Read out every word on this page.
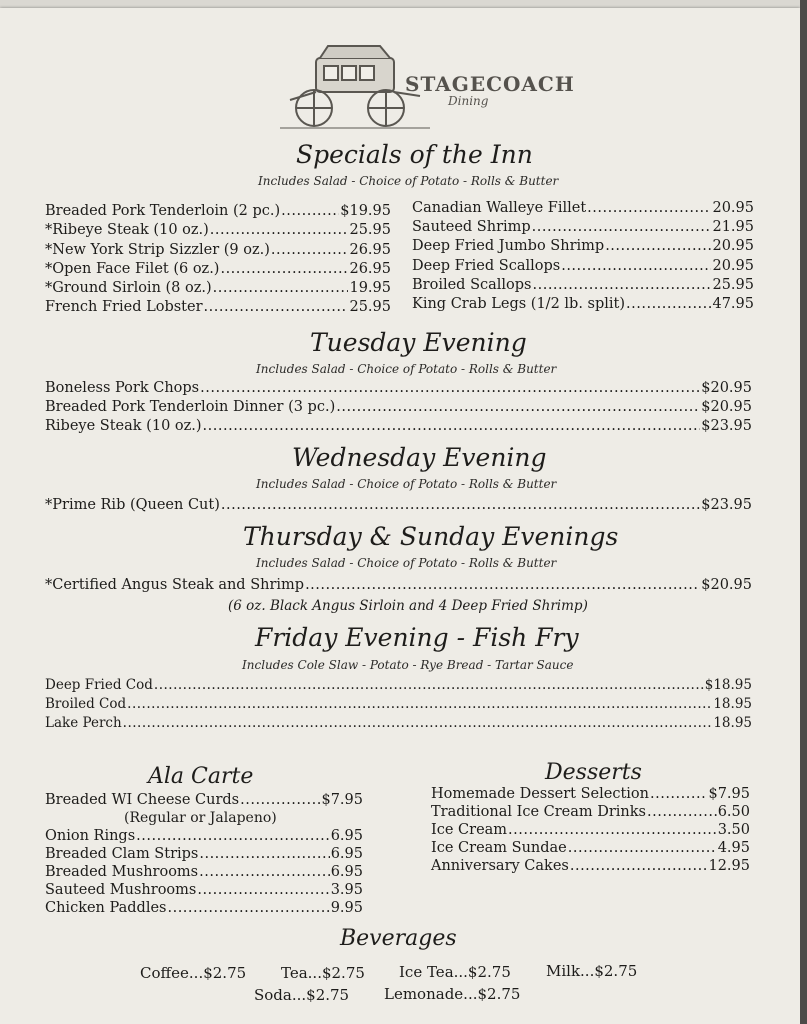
STAGECOACH
Dining
Specials of the Inn
Includes Salad - Choice of Potato - Rolls & Butter
Breaded Pork Tenderloin (2 pc.) .....	$19.95
*Ribeye Steak (10 oz.) .....	25.95
*New York Strip Sizzler (9 oz.) .....	26.95
*Open Face Filet (6 oz.) .....	26.95
*Ground Sirloin (8 oz.) .....	19.95
French Fried Lobster .....	25.95
Canadian Walleye Fillet .....	20.95
Sauteed Shrimp .....	21.95
Deep Fried Jumbo Shrimp .....	20.95
Deep Fried Scallops .....	20.95
Broiled Scallops .....	25.95
King Crab Legs (1/2 lb. split) .....	47.95
Tuesday Evening
Includes Salad - Choice of Potato - Rolls & Butter
Boneless Pork Chops .....	$20.95
Breaded Pork Tenderloin Dinner (3 pc.) .....	$20.95
Ribeye Steak (10 oz.) .....	$23.95
Wednesday Evening
Includes Salad - Choice of Potato - Rolls & Butter
*Prime Rib (Queen Cut) .....	$23.95
Thursday & Sunday Evenings
Includes Salad - Choice of Potato - Rolls & Butter
*Certified Angus Steak and Shrimp .....	$20.95
(6 oz. Black Angus Sirloin and 4 Deep Fried Shrimp)
Friday Evening - Fish Fry
Includes Cole Slaw - Potato - Rye Bread - Tartar Sauce
Deep Fried Cod .....	$18.95
Broiled Cod .....	18.95
Lake Perch .....	18.95
Ala Carte
Breaded WI Cheese Curds .....	$7.95
(Regular or Jalapeno)
Onion Rings .....	6.95
Breaded Clam Strips .....	6.95
Breaded Mushrooms .....	6.95
Sauteed Mushrooms .....	3.95
Chicken Paddles .....	9.95
Desserts
Homemade Dessert Selection .....	$7.95
Traditional Ice Cream Drinks .....	6.50
Ice Cream .....	3.50
Ice Cream Sundae .....	4.95
Anniversary Cakes .....	12.95
Beverages
Coffee...$2.75 Tea...$2.75 Ice Tea...$2.75 Milk...$2.75
Soda...$2.75 Lemonade...$2.75
